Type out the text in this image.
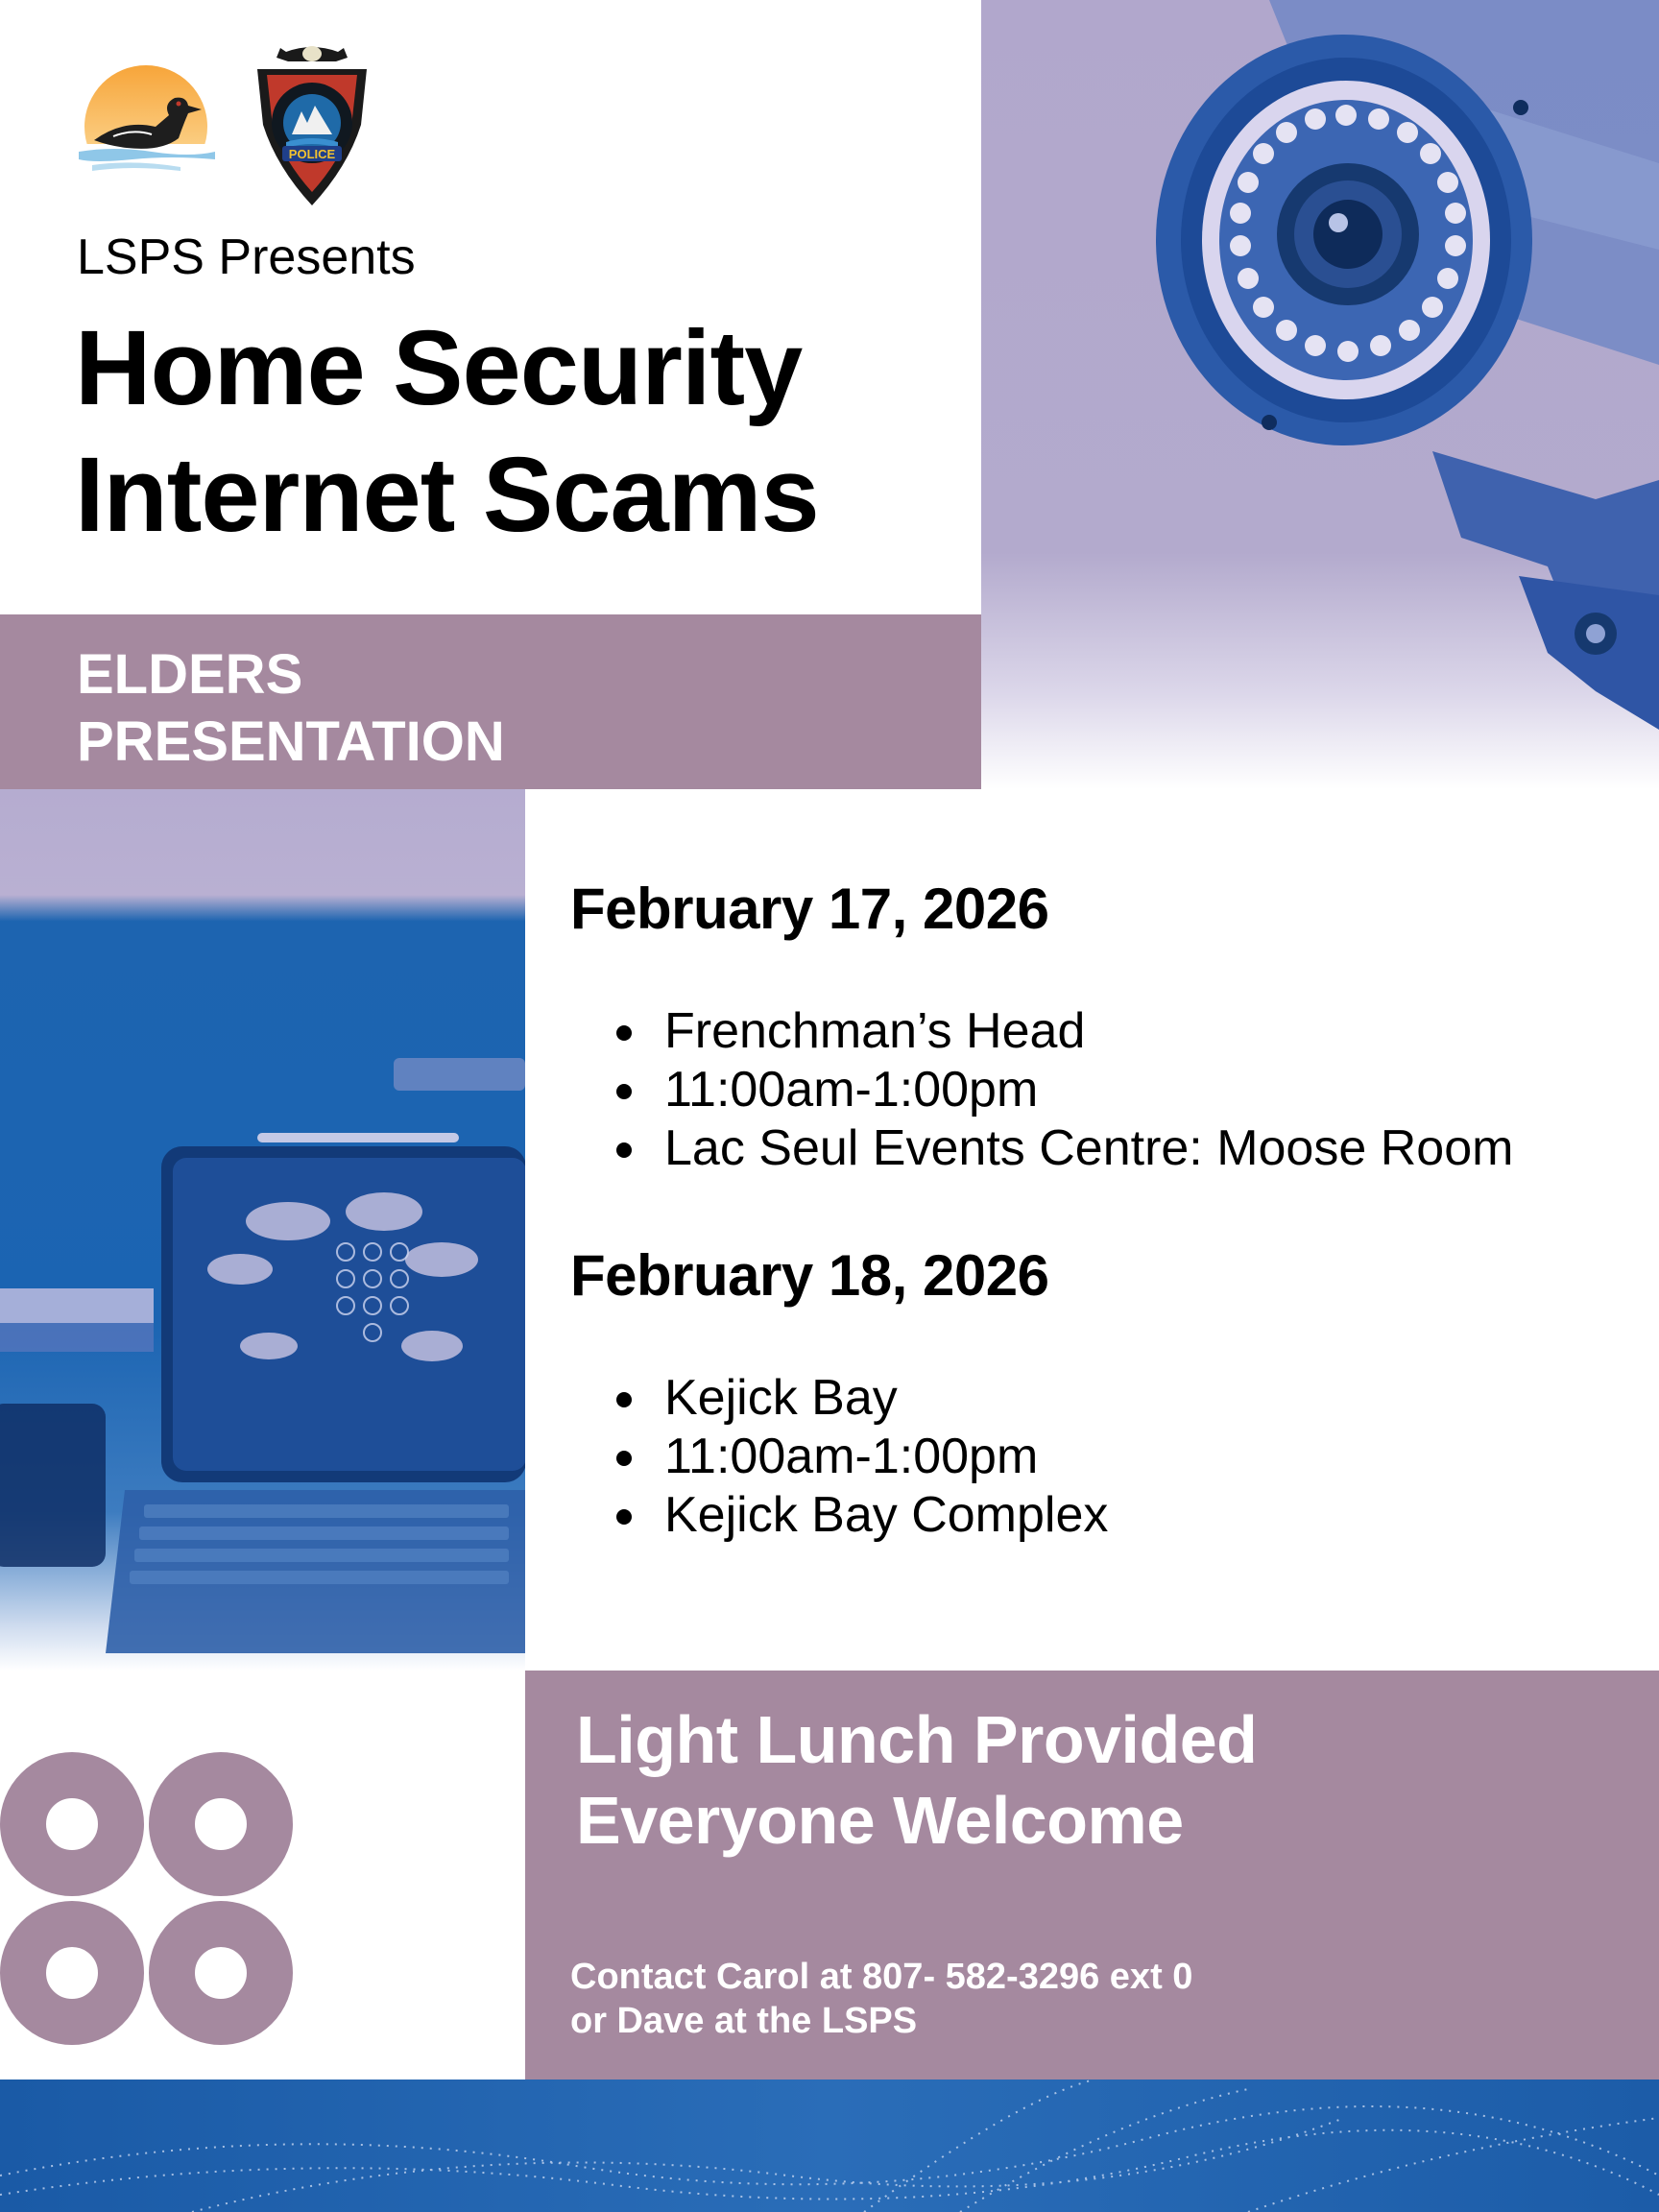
POLICE
LSPS Presents
Home Security
Internet Scams
ELDERS
PRESENTATION
February 17, 2026
Frenchman’s Head
11:00am-1:00pm
Lac Seul Events Centre: Moose Room
February 18, 2026
Kejick Bay
11:00am-1:00pm
Kejick Bay Complex
Light Lunch Provided
Everyone Welcome
Contact Carol at 807- 582-3296 ext 0
or Dave at the LSPS
